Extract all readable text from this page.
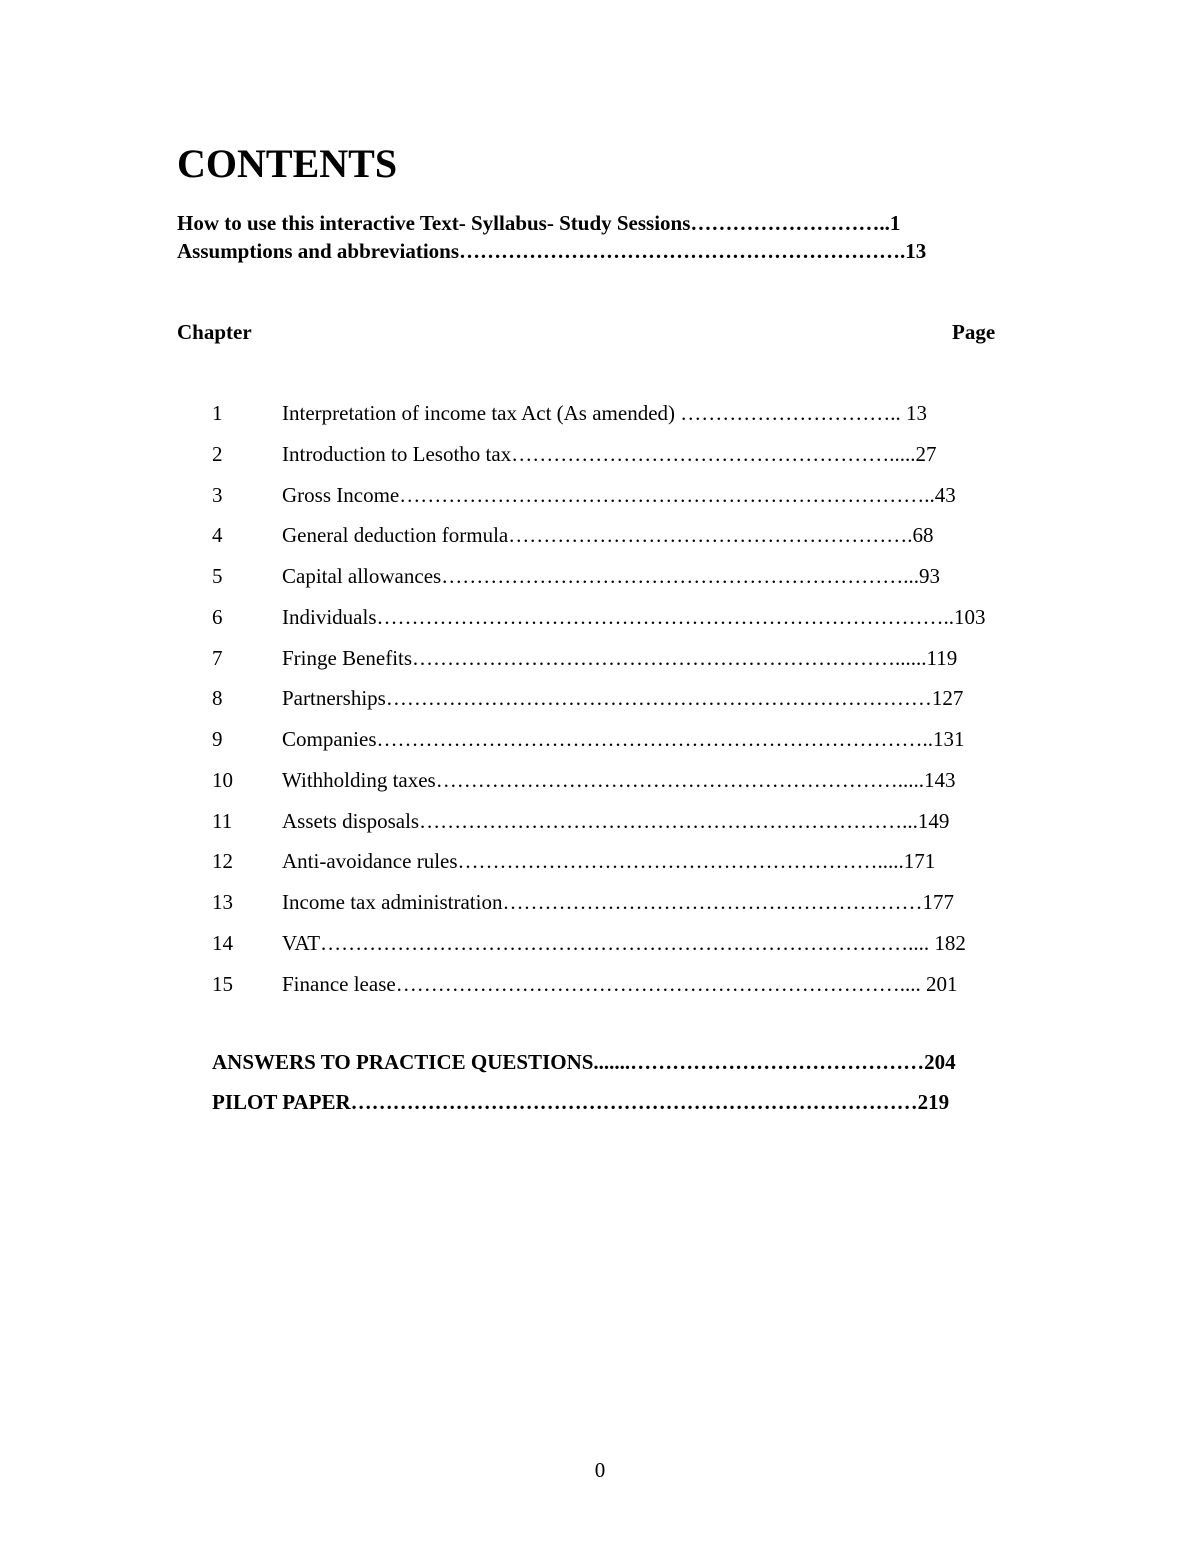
CONTENTS
How to use this interactive Text- Syllabus- Study Sessions………………………..1
Assumptions and abbreviations……………………………………………………….13
Chapter	Page
1	Interpretation of income tax Act (As amended) ………………………….. 13
2	Introduction to Lesotho tax……………………………………………….....27
3	Gross Income…………………………………………………………………..43
4	General deduction formula………………………………………………….68
5	Capital allowances…………………………………………………………...93
6	Individuals………………………………………………………………………..103
7	Fringe Benefits……………………………………………………………......119
8	Partnerships……………………………………………………………………127
9	Companies……………………………………………………………………..131
10 Withholding taxes………………………………………………………….....143
11 Assets disposals……………………………………………………………...149
12 Anti-avoidance rules…………………………………………………….....171
13 Income tax administration……………………………………………………177
14 VAT………………………………………………………………………….... 182
15 Finance lease……………………………………………………………….... 201
ANSWERS TO PRACTICE QUESTIONS.......……………………………………204
PILOT PAPER………………………………………………………………………219
0
